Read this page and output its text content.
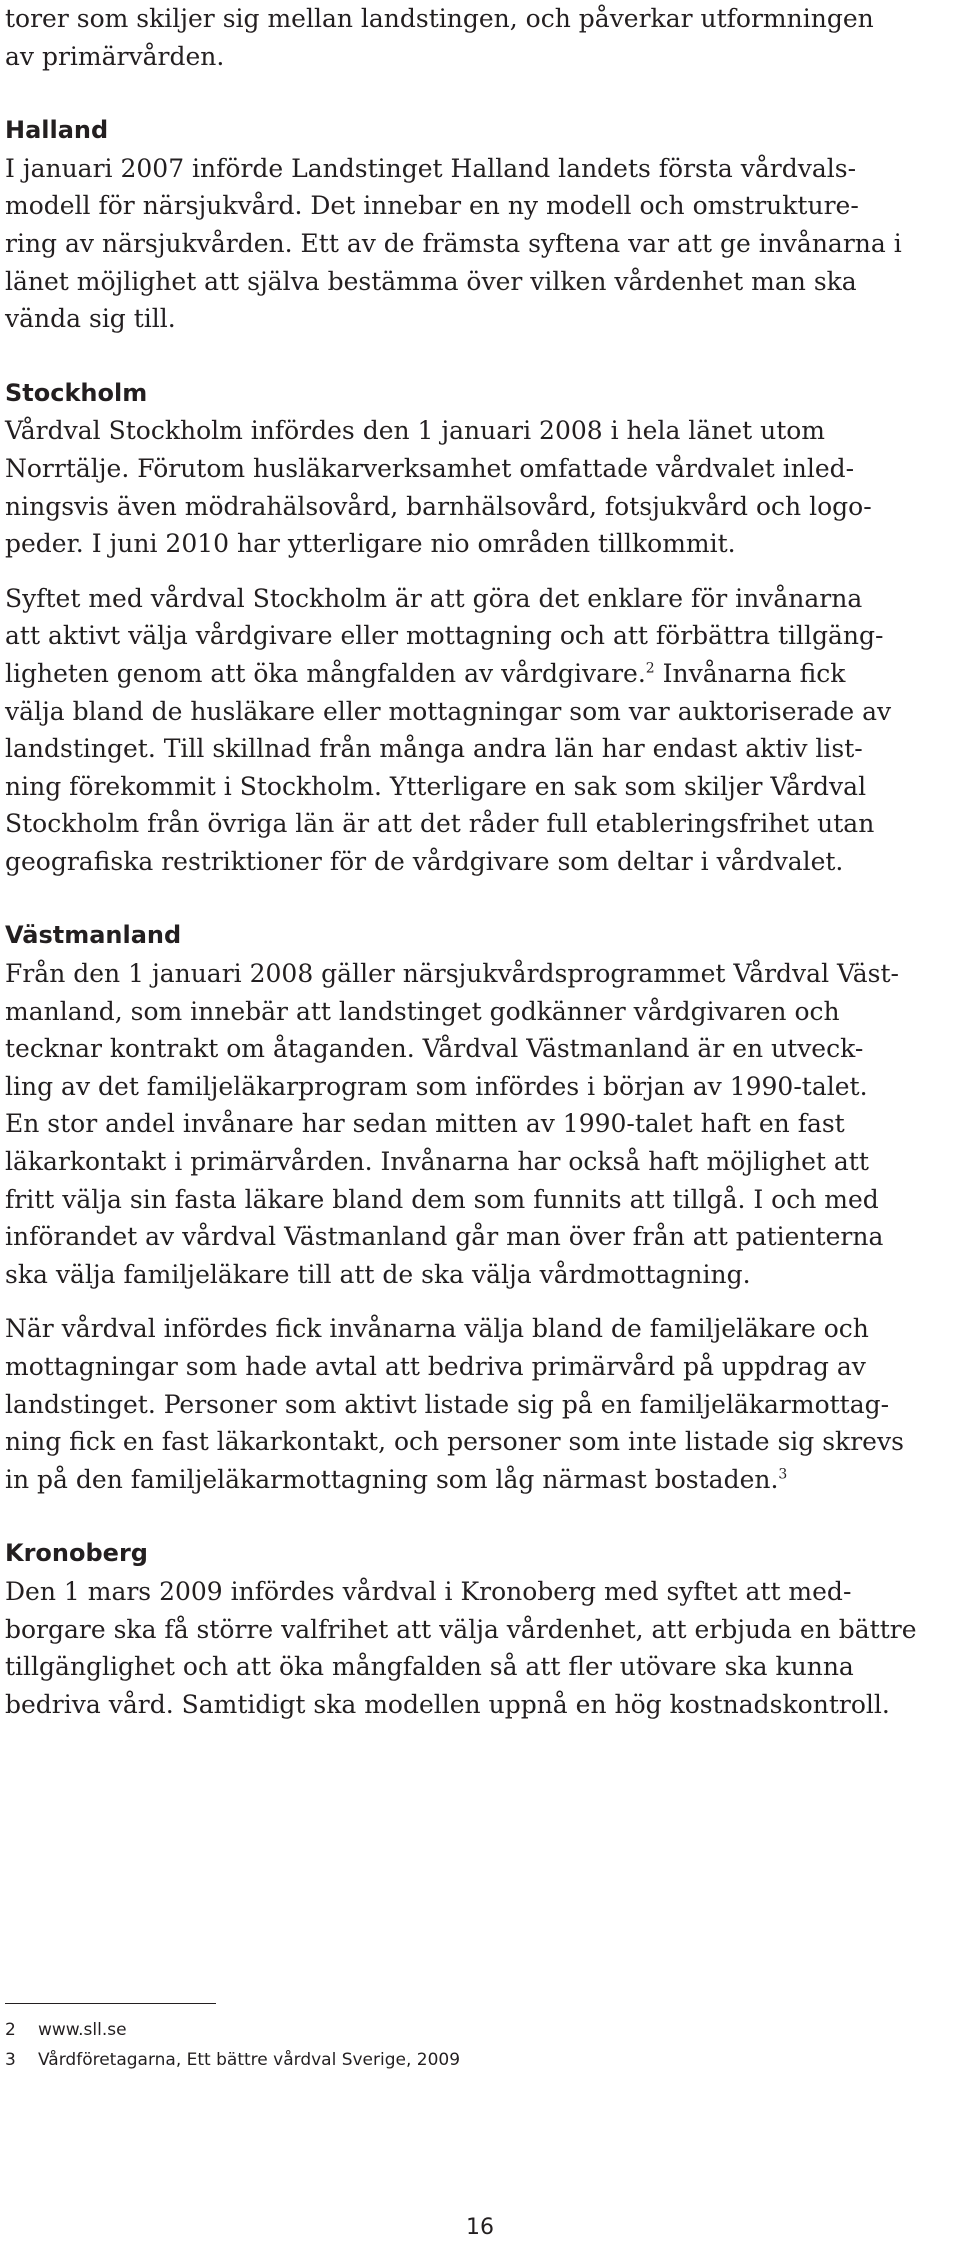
torer som skiljer sig mellan landstingen, och påverkar utformningen
av primärvården.

Halland

I januari 2007 införde Landstinget Halland landets första vårdvals-
modell för närsjukvård. Det innebar en ny modell och omstrukture-
ring av närsjukvården. Ett av de främsta syftena var att ge invånarna i
länet möjlighet att själva bestämma över vilken vårdenhet man ska
vända sig till.

Stockholm

Vårdval Stockholm infördes den 1 januari 2008 i hela länet utom
Norrtälje. Förutom husläkarverksamhet omfattade vårdvalet inled-
ningsvis även mödrahälsovård, barnhälsovård, fotsjukvård och logo-
peder. I juni 2010 har ytterligare nio områden tillkommit.

Syftet med vårdval Stockholm är att göra det enklare för invånarna
att aktivt välja vårdgivare eller mottagning och att förbättra tillgäng-
ligheten genom att öka mångfalden av vårdgivare.$^2$ Invånarna fick
välja bland de husläkare eller mottagningar som var auktoriserade av
landstinget. Till skillnad från många andra län har endast aktiv list-
ning förekommit i Stockholm. Ytterligare en sak som skiljer Vårdval
Stockholm från övriga län är att det råder full etableringsfrihet utan
geografiska restriktioner för de vårdgivare som deltar i vårdvalet.

Västmanland

Från den 1 januari 2008 gäller närsjukvårdsprogrammet Vårdval Väst-
manland, som innebär att landstinget godkänner vårdgivaren och
tecknar kontrakt om åtaganden. Vårdval Västmanland är en utveck-
ling av det familjeläkarprogram som infördes i början av 1990-talet.
En stor andel invånare har sedan mitten av 1990-talet haft en fast
läkarkontakt i primärvården. Invånarna har också haft möjlighet att
fritt välja sin fasta läkare bland dem som funnits att tillgå. I och med
införandet av vårdval Västmanland går man över från att patienterna
ska välja familjeläkare till att de ska välja vårdmottagning.

När vårdval infördes fick invånarna välja bland de familjeläkare och
mottagningar som hade avtal att bedriva primärvård på uppdrag av
landstinget. Personer som aktivt listade sig på en familjeläkarmottag-
ning fick en fast läkarkontakt, och personer som inte listade sig skrevs
in på den familjeläkarmottagning som låg närmast bostaden.$^3$

Kronoberg

Den 1 mars 2009 infördes vårdval i Kronoberg med syftet att med-
borgare ska få större valfrihet att välja vårdenhet, att erbjuda en bättre
tillgänglighet och att öka mångfalden så att fler utövare ska kunna
bedriva vård. Samtidigt ska modellen uppnå en hög kostnadskontroll.

2	www.sll.se
3	Vårdföretagarna, Ett bättre vårdval Sverige, 2009
16
